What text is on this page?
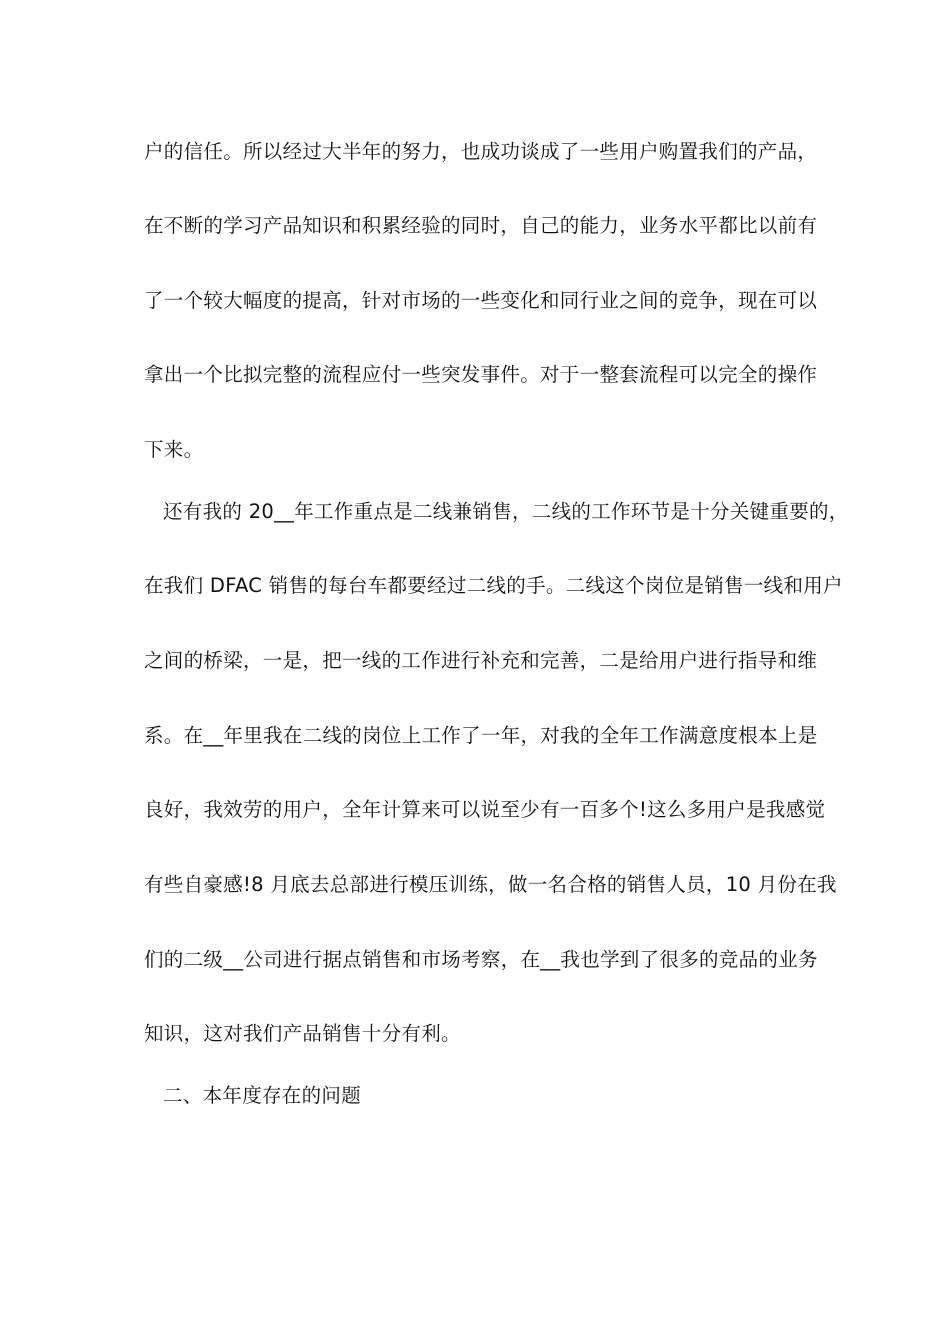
户的信任。所以经过大半年的努力，也成功谈成了一些用户购置我们的产品，
在不断的学习产品知识和积累经验的同时，自己的能力，业务水平都比以前有
了一个较大幅度的提高，针对市场的一些变化和同行业之间的竞争，现在可以
拿出一个比拟完整的流程应付一些突发事件。对于一整套流程可以完全的操作
下来。
还有我的 20__年工作重点是二线兼销售，二线的工作环节是十分关键重要的，
在我们 DFAC 销售的每台车都要经过二线的手。二线这个岗位是销售一线和用户
之间的桥梁，一是，把一线的工作进行补充和完善，二是给用户进行指导和维
系。在__年里我在二线的岗位上工作了一年，对我的全年工作满意度根本上是
良好，我效劳的用户，全年计算来可以说至少有一百多个!这么多用户是我感觉
有些自豪感!8 月底去总部进行模压训练，做一名合格的销售人员，10 月份在我
们的二级__公司进行据点销售和市场考察，在__我也学到了很多的竞品的业务
知识，这对我们产品销售十分有利。
二、本年度存在的问题
